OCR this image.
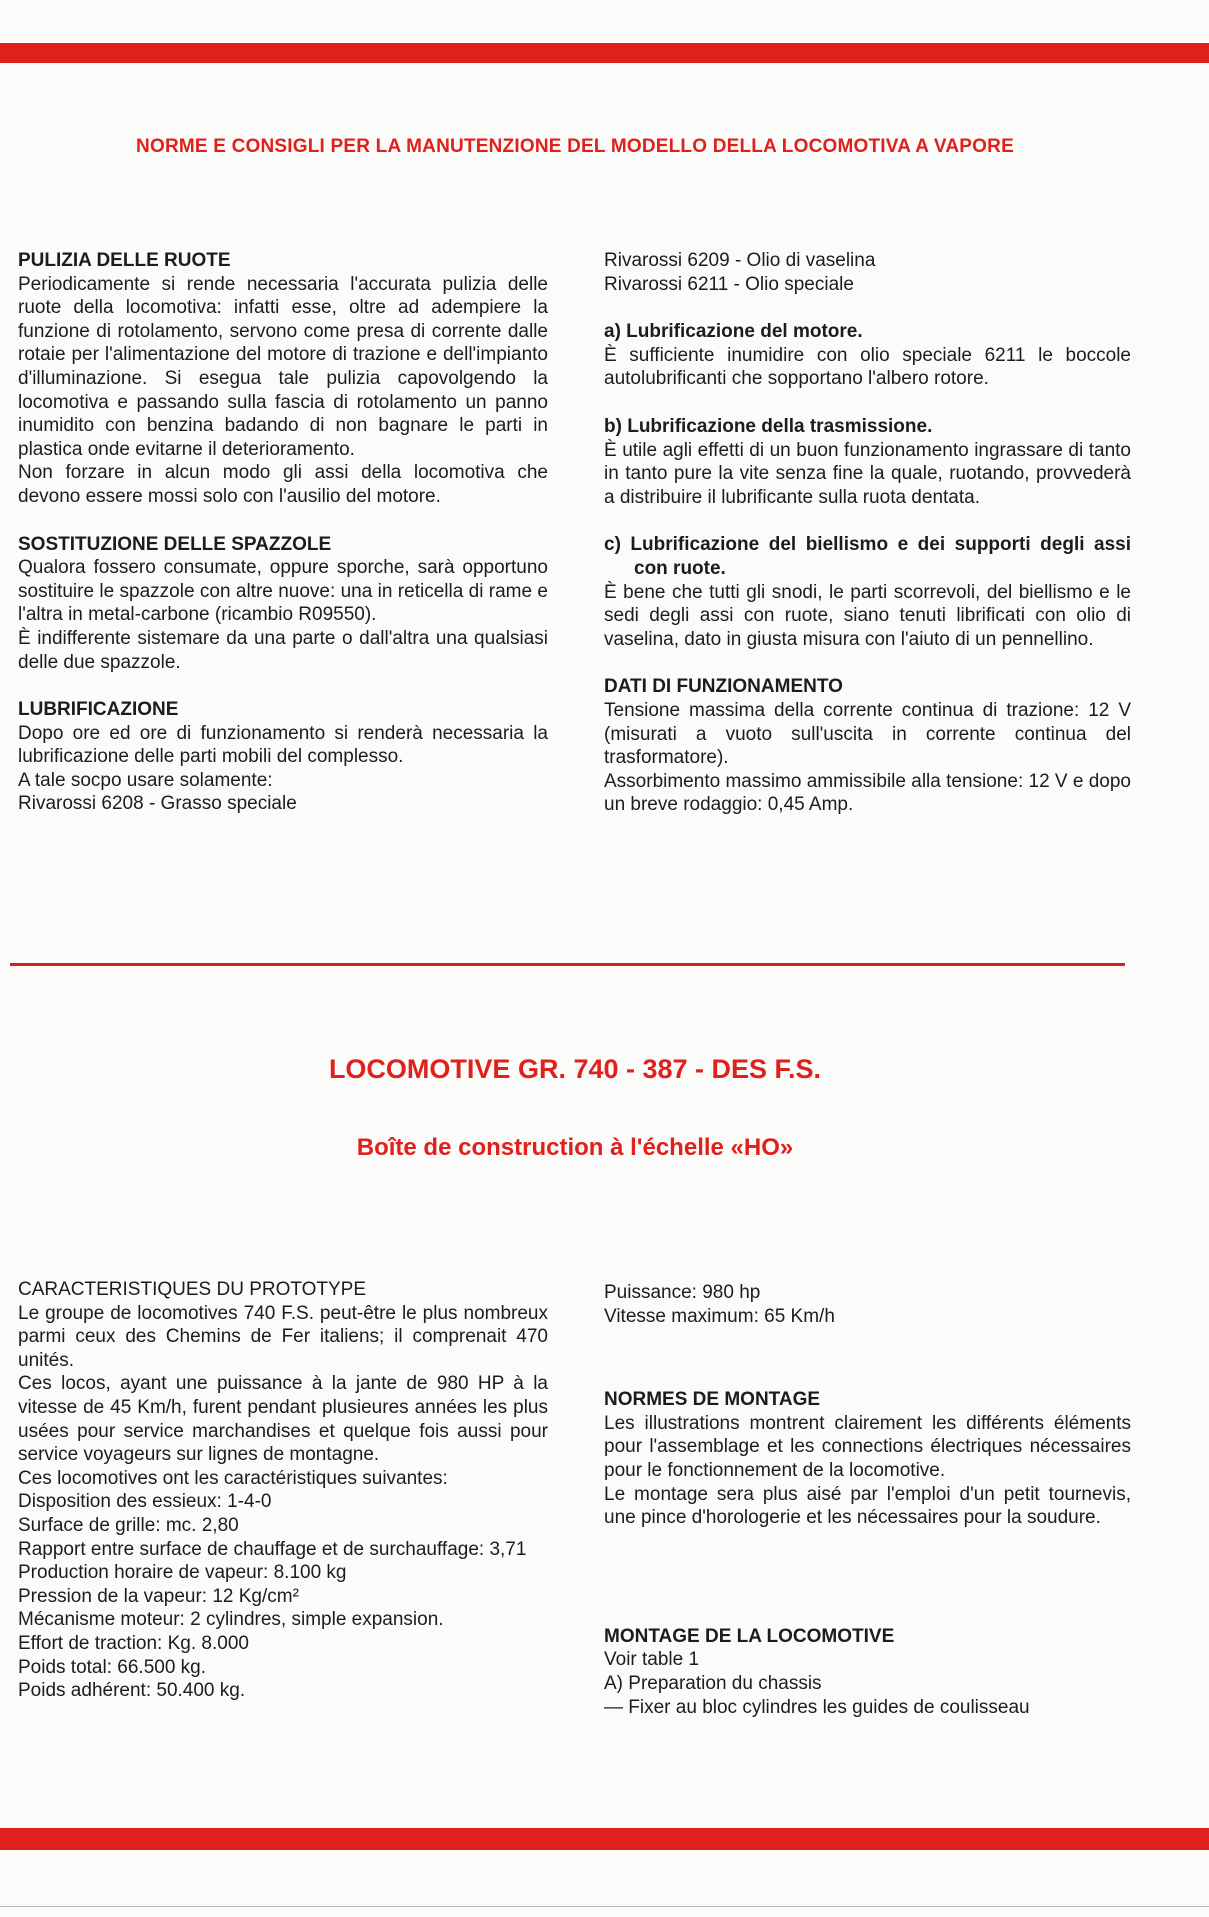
NORME E CONSIGLI PER LA MANUTENZIONE DEL MODELLO DELLA LOCOMOTIVA A VAPORE

PULIZIA DELLE RUOTE

Periodicamente si rende necessaria l'accurata pulizia delle ruote della locomotiva: infatti esse, oltre ad adempiere la funzione di rotolamento, servono come presa di corrente dalle rotaie per l'alimentazione del motore di trazione e dell'impianto d'illuminazione. Si esegua tale pulizia capovolgendo la locomotiva e passando sulla fascia di rotolamento un panno inumidito con benzina badando di non bagnare le parti in plastica onde evitarne il deterioramento.

Non forzare in alcun modo gli assi della locomotiva che devono essere mossi solo con l'ausilio del motore.

SOSTITUZIONE DELLE SPAZZOLE

Qualora fossero consumate, oppure sporche, sarà opportuno sostituire le spazzole con altre nuove: una in reticella di rame e l'altra in metal-carbone (ricambio R09550).

È indifferente sistemare da una parte o dall'altra una qualsiasi delle due spazzole.

LUBRIFICAZIONE

Dopo ore ed ore di funzionamento si renderà necessaria la lubrificazione delle parti mobili del complesso.

A tale socpo usare solamente:

Rivarossi 6208 - Grasso speciale

Rivarossi 6209 - Olio di vaselina

Rivarossi 6211 - Olio speciale

a) Lubrificazione del motore.

È sufficiente inumidire con olio speciale 6211 le boccole autolubrificanti che sopportano l'albero rotore.

b) Lubrificazione della trasmissione.

È utile agli effetti di un buon funzionamento ingrassare di tanto in tanto pure la vite senza fine la quale, ruotando, provvederà a distribuire il lubrificante sulla ruota dentata.

c) Lubrificazione del biellismo e dei supporti degli assi con ruote.

È bene che tutti gli snodi, le parti scorrevoli, del biellismo e le sedi degli assi con ruote, siano tenuti librificati con olio di vaselina, dato in giusta misura con l'aiuto di un pennellino.

DATI DI FUNZIONAMENTO

Tensione massima della corrente continua di trazione: 12 V (misurati a vuoto sull'uscita in corrente continua del trasformatore).

Assorbimento massimo ammissibile alla tensione: 12 V e dopo un breve rodaggio: 0,45 Amp.

LOCOMOTIVE GR. 740 - 387 - DES F.S.
Boîte de construction à l'échelle «HO»

CARACTERISTIQUES DU PROTOTYPE

Le groupe de locomotives 740 F.S. peut-être le plus nombreux parmi ceux des Chemins de Fer italiens; il comprenait 470 unités.

Ces locos, ayant une puissance à la jante de 980 HP à la vitesse de 45 Km/h, furent pendant plusieures années les plus usées pour service marchandises et quelque fois aussi pour service voyageurs sur lignes de montagne.

Ces locomotives ont les caractéristiques suivantes:

Disposition des essieux: 1-4-0

Surface de grille: mc. 2,80

Rapport entre surface de chauffage et de surchauffage: 3,71

Production horaire de vapeur: 8.100 kg

Pression de la vapeur: 12 Kg/cm²

Mécanisme moteur: 2 cylindres, simple expansion.

Effort de traction: Kg. 8.000

Poids total: 66.500 kg.

Poids adhérent: 50.400 kg.

Puissance: 980 hp

Vitesse maximum: 65 Km/h

NORMES DE MONTAGE

Les illustrations montrent clairement les différents éléments pour l'assemblage et les connections électriques nécessaires pour le fonctionnement de la locomotive.

Le montage sera plus aisé par l'emploi d'un petit tournevis, une pince d'horologerie et les nécessaires pour la soudure.

MONTAGE DE LA LOCOMOTIVE

Voir table 1

A) Preparation du chassis

— Fixer au bloc cylindres les guides de coulisseau
